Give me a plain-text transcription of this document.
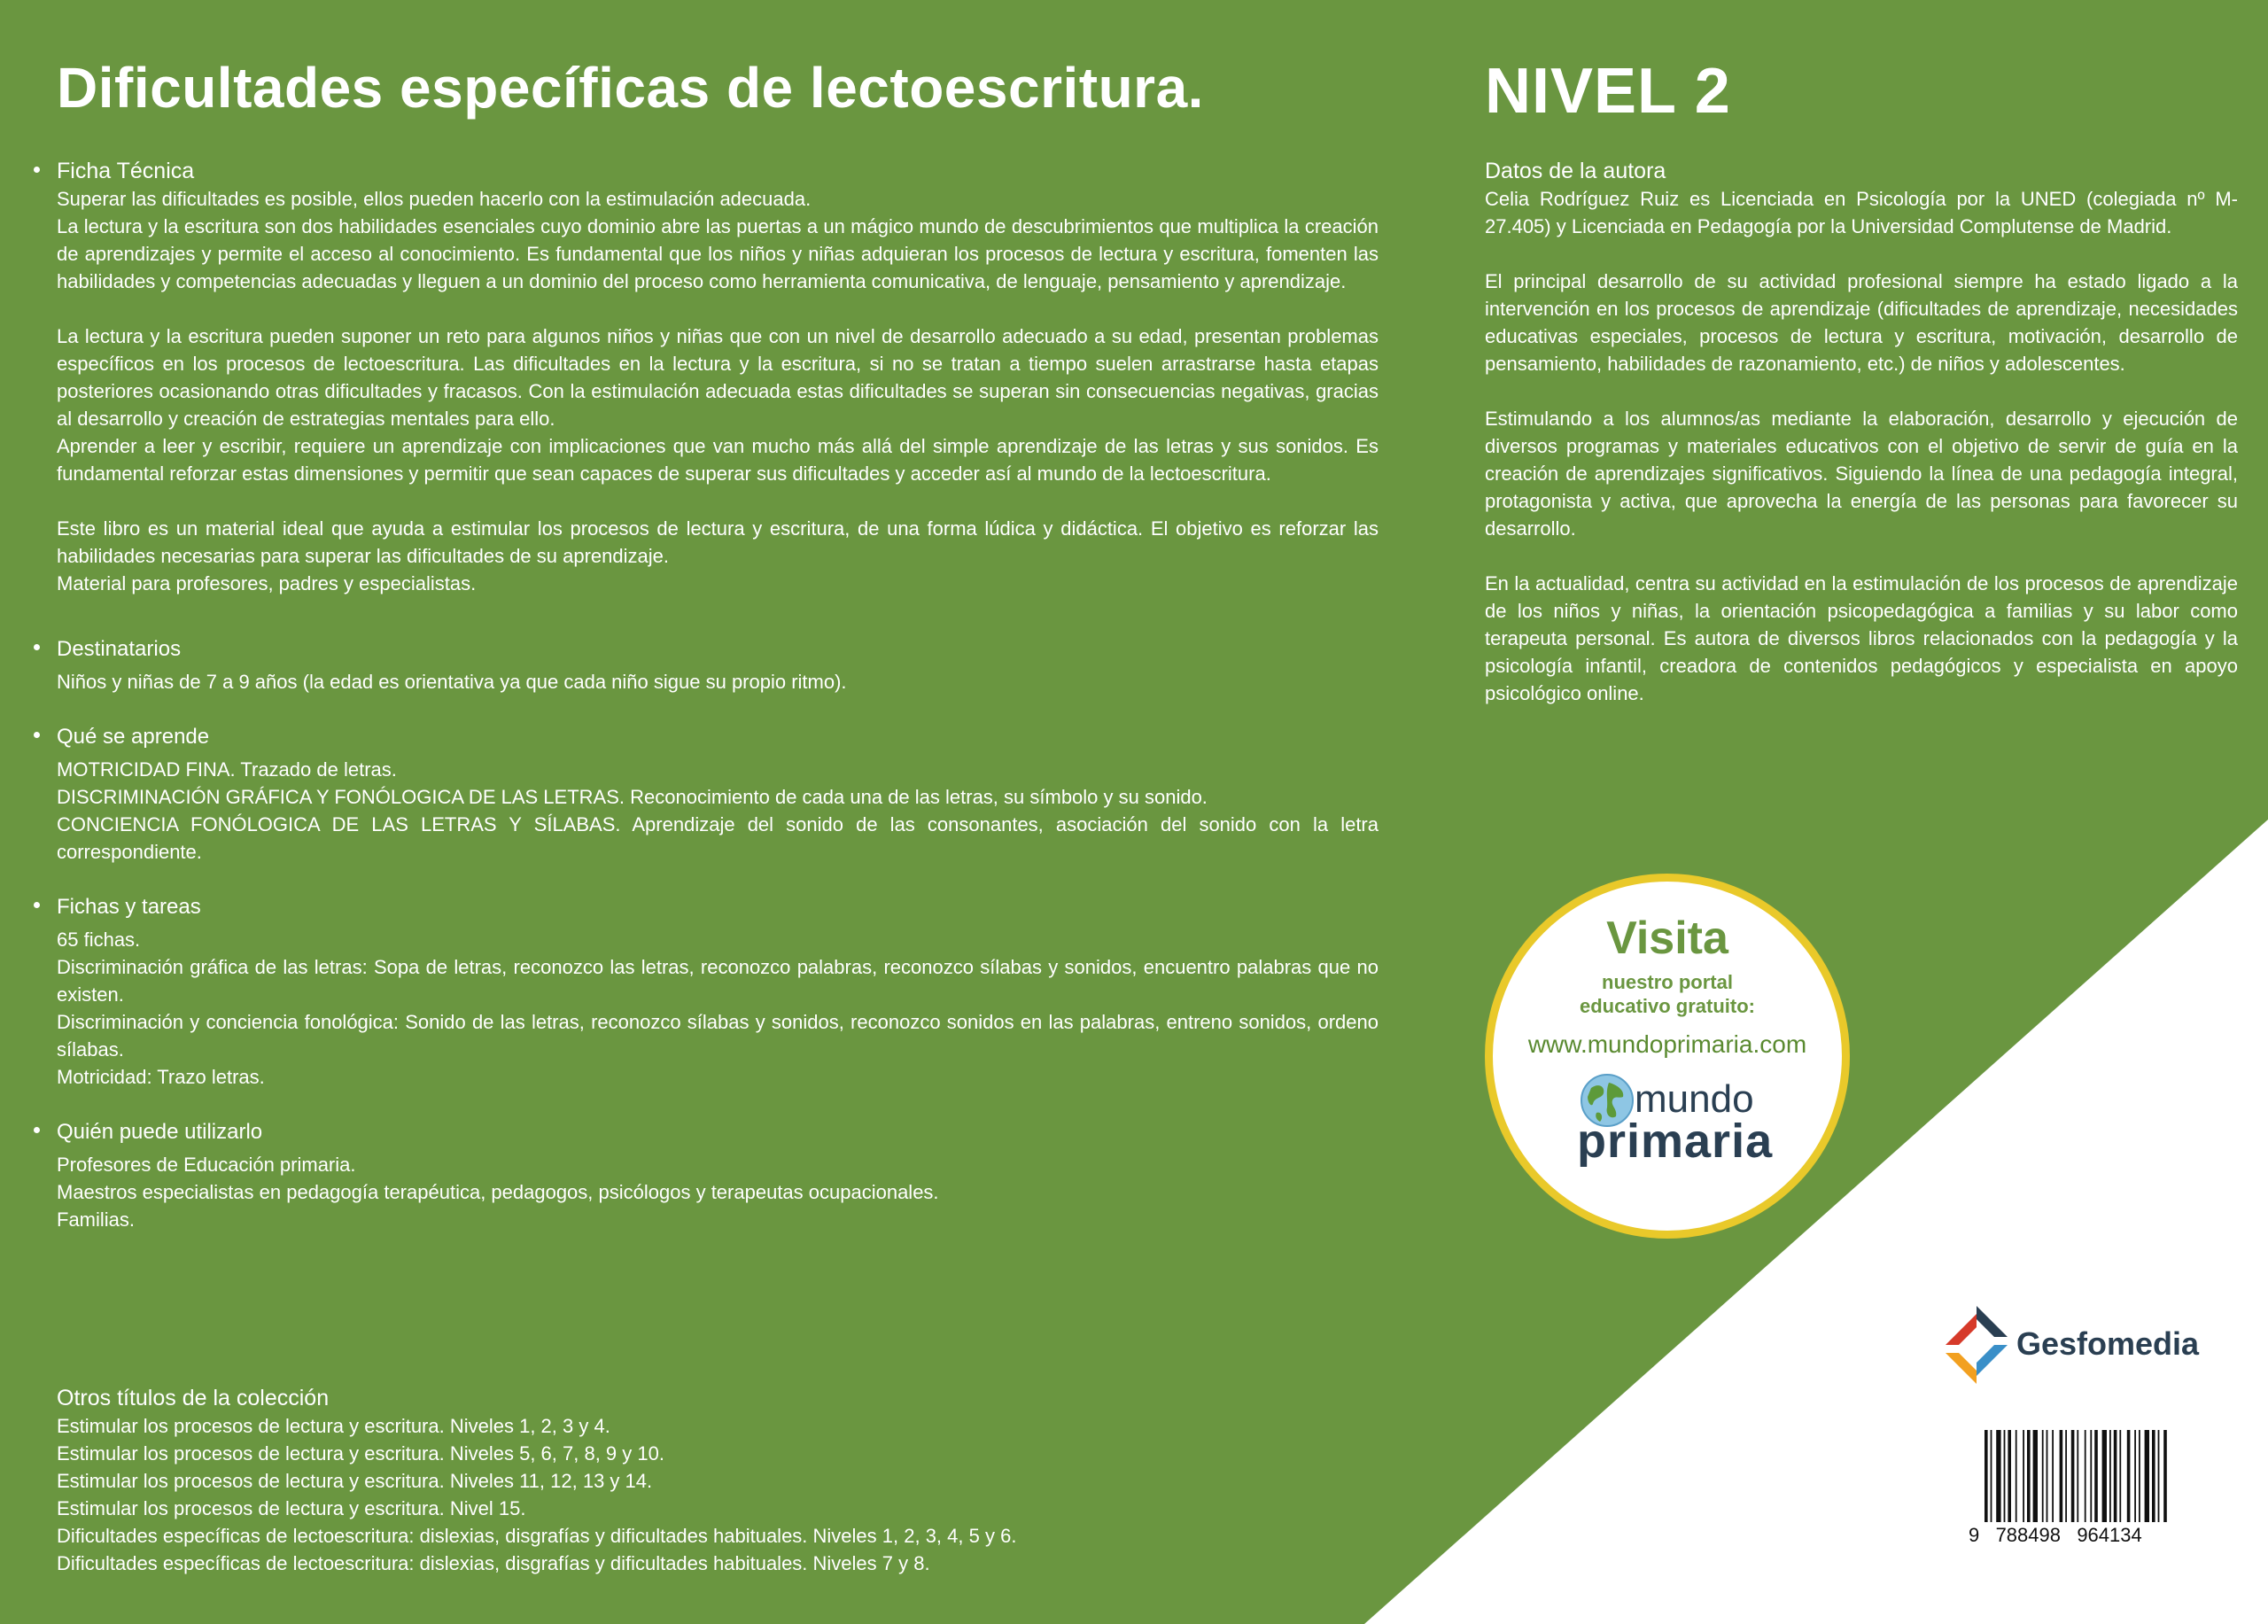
Dificultades específicas de lectoescritura.	NIVEL 2

Ficha Técnica

Superar las dificultades es posible, ellos pueden hacerlo con la estimulación adecuada.

La lectura y la escritura son dos habilidades esenciales cuyo dominio abre las puertas a un mágico mundo de descubrimientos que multiplica la creación de aprendizajes y permite el acceso al conocimiento. Es fundamental que los niños y niñas adquieran los procesos de lectura y escritura, fomenten las habilidades y competencias adecuadas y lleguen a un dominio del proceso como herramienta comunicativa, de lenguaje, pensamiento y aprendizaje.

La lectura y la escritura pueden suponer un reto para algunos niños y niñas que con un nivel de desarrollo adecuado a su edad, presentan problemas específicos en los procesos de lectoescritura. Las dificultades en la lectura y la escritura, si no se tratan a tiempo suelen arrastrarse hasta etapas posteriores ocasionando otras dificultades y fracasos. Con la estimulación adecuada estas dificultades se superan sin consecuencias negativas, gracias al desarrollo y creación de estrategias mentales para ello.

Aprender a leer y escribir, requiere un aprendizaje con implicaciones que van mucho más allá del simple aprendizaje de las letras y sus sonidos. Es fundamental reforzar estas dimensiones y permitir que sean capaces de superar sus dificultades y acceder así al mundo de la lectoescritura.

Este libro es un material ideal que ayuda a estimular los procesos de lectura y escritura, de una forma lúdica y didáctica. El objetivo es reforzar las habilidades necesarias para superar las dificultades de su aprendizaje.

Material para profesores, padres y especialistas.

Destinatarios

Niños y niñas de 7 a 9 años (la edad es orientativa ya que cada niño sigue su propio ritmo).

Qué se aprende

MOTRICIDAD FINA. Trazado de letras.

DISCRIMINACIÓN GRÁFICA Y FONÓLOGICA DE LAS LETRAS. Reconocimiento de cada una de las letras, su símbolo y su sonido.

CONCIENCIA FONÓLOGICA DE LAS LETRAS Y SÍLABAS. Aprendizaje del sonido de las consonantes, asociación del sonido con la letra correspondiente.

Fichas y tareas

65 fichas.

Discriminación gráfica de las letras: Sopa de letras, reconozco las letras, reconozco palabras, reconozco sílabas y sonidos, encuentro palabras que no existen.

Discriminación y conciencia fonológica: Sonido de las letras, reconozco sílabas y sonidos, reconozco sonidos en las palabras, entreno sonidos, ordeno sílabas.

Motricidad: Trazo letras.

Quién puede utilizarlo

Profesores de Educación primaria.

Maestros especialistas en pedagogía terapéutica, pedagogos, psicólogos y terapeutas ocupacionales.

Familias.

Otros títulos de la colección

Estimular los procesos de lectura y escritura. Niveles 1, 2, 3 y 4.

Estimular los procesos de lectura y escritura. Niveles 5, 6, 7, 8, 9 y 10.

Estimular los procesos de lectura y escritura. Niveles 11, 12, 13 y 14.

Estimular los procesos de lectura y escritura. Nivel 15.

Dificultades específicas de lectoescritura: dislexias, disgrafías y dificultades habituales. Niveles 1, 2, 3, 4, 5 y 6.

Dificultades específicas de lectoescritura: dislexias, disgrafías y dificultades habituales. Niveles 7 y 8.

Datos de la autora

Celia Rodríguez Ruiz es Licenciada en Psicología por la UNED (colegiada nº M-27.405) y Licenciada en Pedagogía por la Universidad Complutense de Madrid.

El principal desarrollo de su actividad profesional siempre ha estado ligado a la intervención en los procesos de aprendizaje (dificultades de aprendizaje, necesidades educativas especiales, procesos de lectura y escritura, motivación, desarrollo de pensamiento, habilidades de razonamiento, etc.) de niños y adolescentes.

Estimulando a los alumnos/as mediante la elaboración, desarrollo y ejecución de diversos programas y materiales educativos con el objetivo de servir de guía en la creación de aprendizajes significativos. Siguiendo la línea de una pedagogía integral, protagonista y activa, que aprovecha la energía de las personas para favorecer su desarrollo.

En la actualidad, centra su actividad en la estimulación de los procesos de aprendizaje de los niños y niñas, la orientación psicopedagógica a familias y su labor como terapeuta personal. Es autora de diversos libros relacionados con la pedagogía y la psicología infantil, creadora de contenidos pedagógicos y especialista en apoyo psicológico online.

Visita
nuestro portal
educativo gratuito:
www.mundoprimaria.com
mundo
primaria
Gesfomedia
9   788498   964134
